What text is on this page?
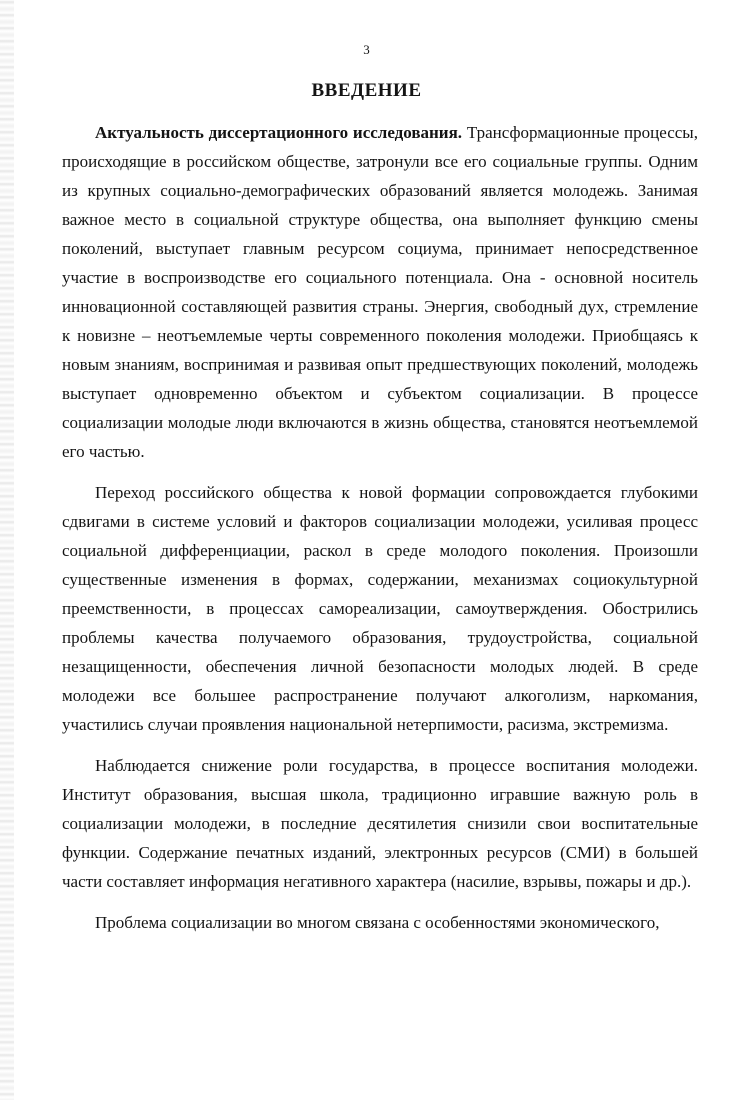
3
ВВЕДЕНИЕ

Актуальность диссертационного исследования. Трансформационные процессы, происходящие в российском обществе, затронули все его социальные группы. Одним из крупных социально-демографических образований является молодежь. Занимая важное место в социальной структуре общества, она выполняет функцию смены поколений, выступает главным ресурсом социума, принимает непосредственное участие в воспроизводстве его социального потенциала. Она - основной носитель инновационной составляющей развития страны. Энергия, свободный дух, стремление к новизне – неотъемлемые черты современного поколения молодежи. Приобщаясь к новым знаниям, воспринимая и развивая опыт предшествующих поколений, молодежь выступает одновременно объектом и субъектом социализации. В процессе социализации молодые люди включаются в жизнь общества, становятся неотъемлемой его частью.

Переход российского общества к новой формации сопровождается глубокими сдвигами в системе условий и факторов социализации молодежи, усиливая процесс социальной дифференциации, раскол в среде молодого поколения. Произошли существенные изменения в формах, содержании, механизмах социокультурной преемственности, в процессах самореализации, самоутверждения. Обострились проблемы качества получаемого образования, трудоустройства, социальной незащищенности, обеспечения личной безопасности молодых людей. В среде молодежи все большее распространение получают алкоголизм, наркомания, участились случаи проявления национальной нетерпимости, расизма, экстремизма.

Наблюдается снижение роли государства, в процессе воспитания молодежи. Институт образования, высшая школа, традиционно игравшие важную роль в социализации молодежи, в последние десятилетия снизили свои воспитательные функции. Содержание печатных изданий, электронных ресурсов (СМИ) в большей части составляет информация негативного характера (насилие, взрывы, пожары и др.).

Проблема социализации во многом связана с особенностями экономического,
